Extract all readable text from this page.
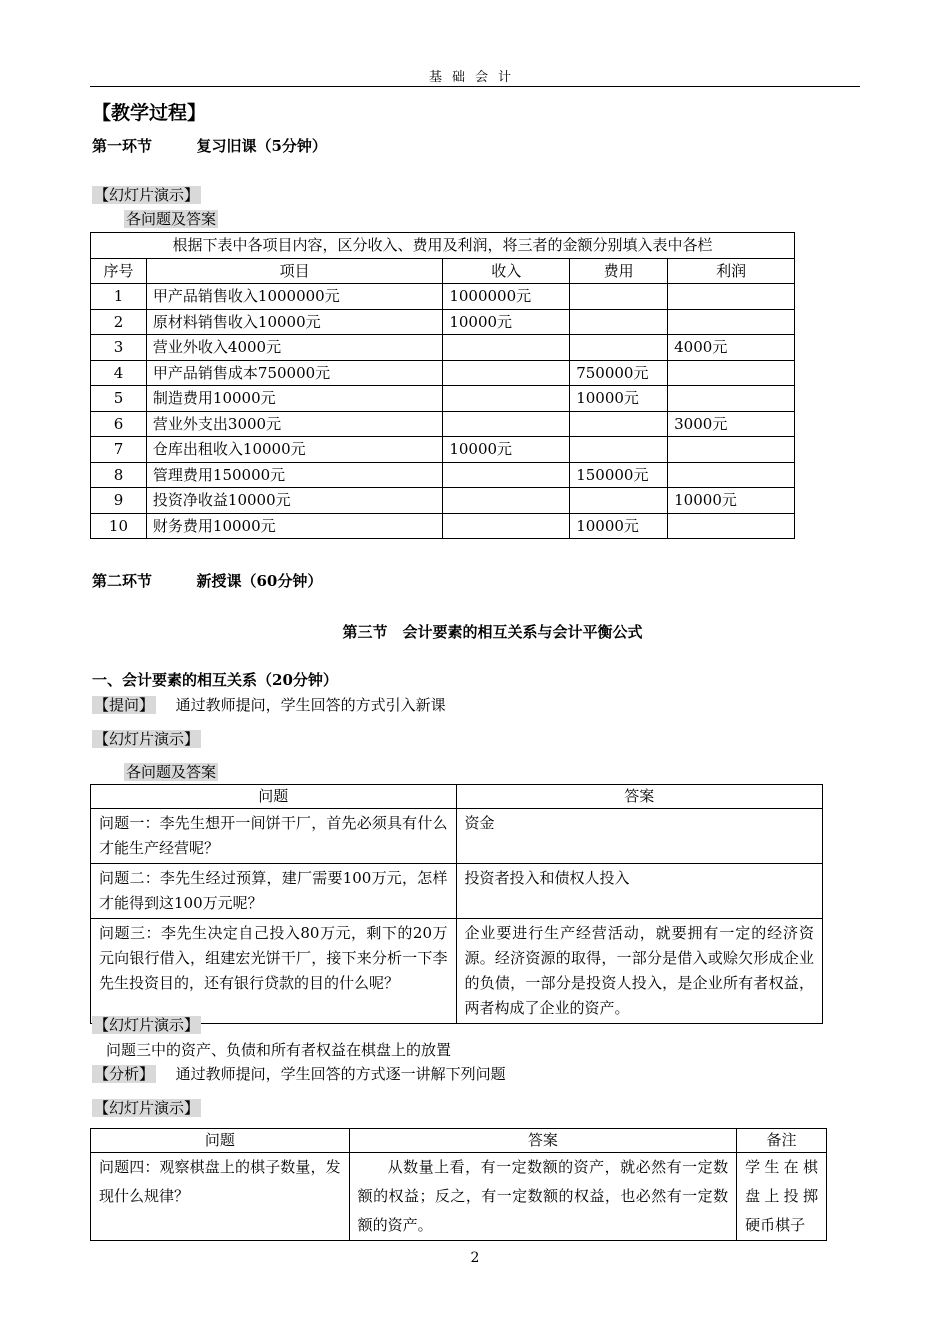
基础会计
【教学过程】
第一环节	复习旧课（5分钟）
【幻灯片演示】
各问题及答案
根据下表中各项目内容，区分收入、费用及利润，将三者的金额分别填入表中各栏				
序号	项目	收入	费用	利润
1	甲产品销售收入1000000元	1000000元		
2	原材料销售收入10000元	10000元		
3	营业外收入4000元			4000元
4	甲产品销售成本750000元		750000元	
5	制造费用10000元		10000元	
6	营业外支出3000元			3000元
7	仓库出租收入10000元	10000元		
8	管理费用150000元		150000元	
9	投资净收益10000元			10000元
10	财务费用10000元		10000元	
第二环节	新授课（60分钟）
第三节　会计要素的相互关系与会计平衡公式
一、会计要素的相互关系（20分钟）
【提问】 通过教师提问，学生回答的方式引入新课
【幻灯片演示】
各问题及答案
问题	答案
问题一：李先生想开一间饼干厂，首先必须具有什么才能生产经营呢？	资金
问题二：李先生经过预算，建厂需要100万元，怎样才能得到这100万元呢？	投资者投入和债权人投入
问题三：李先生决定自己投入80万元，剩下的20万元向银行借入，组建宏光饼干厂，接下来分析一下李先生投资目的，还有银行贷款的目的什么呢？	企业要进行生产经营活动，就要拥有一定的经济资源。经济资源的取得，一部分是借入或赊欠形成企业的负债，一部分是投资人投入，是企业所有者权益，两者构成了企业的资产。
【幻灯片演示】
问题三中的资产、负债和所有者权益在棋盘上的放置
【分析】 通过教师提问，学生回答的方式逐一讲解下列问题
【幻灯片演示】
问题	答案	备注
问题四：观察棋盘上的棋子数量，发现什么规律？	从数量上看，有一定数额的资产，就必然有一定数额的权益；反之，有一定数额的权益，也必然有一定数额的资产。	学生在棋盘上投掷硬币棋子
2
